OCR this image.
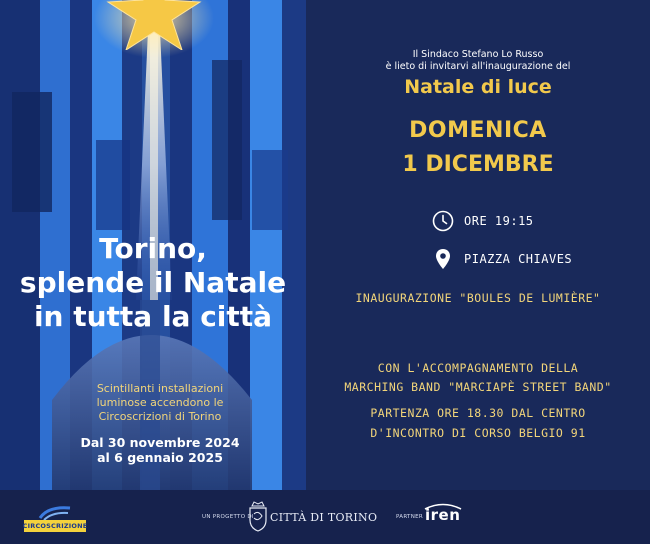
Torino,
splende il Natale
in tutta la città
Scintillanti installazioni
luminose accendono le
Circoscrizioni di Torino
Dal 30 novembre 2024
al 6 gennaio 2025
Il Sindaco Stefano Lo Russo
è lieto di invitarvi all'inaugurazione del
Natale di luce
DOMENICA
1 DICEMBRE
ORE 19:15
PIAZZA CHIAVES
INAUGURAZIONE "BOULES DE LUMIÈRE"
CON L'ACCOMPAGNAMENTO DELLA
MARCHING BAND "MARCIAPÈ STREET BAND"
PARTENZA ORE 18.30 DAL CENTRO
D'INCONTRO DI CORSO BELGIO 91
CIRCOSCRIZIONE
UN PROGETTO DI CITTÀ DI TORINO	PARTNER iren
